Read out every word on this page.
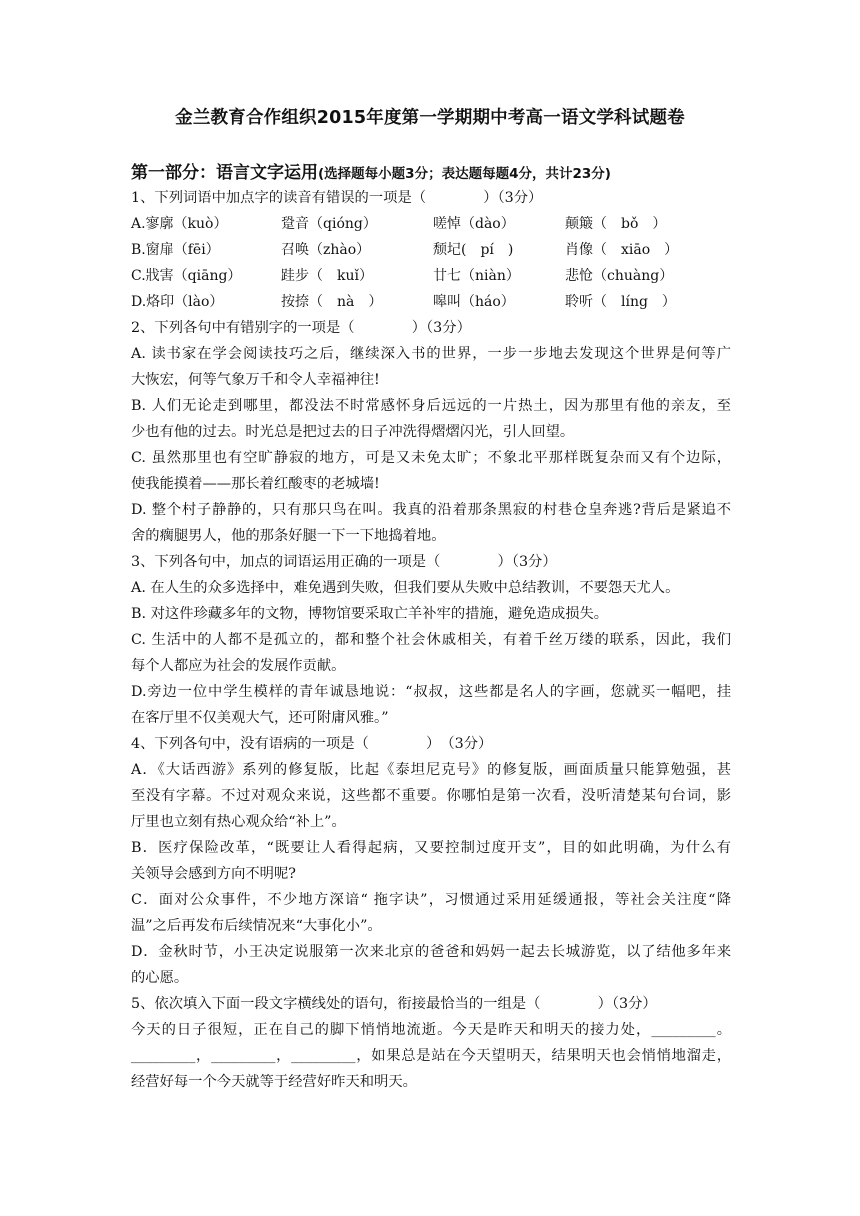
金兰教育合作组织2015年度第一学期期中考高一语文学科试题卷
第一部分：语言文字运用(选择题每小题3分；表达题每题4分，共计23分)
1、下列词语中加点字的读音有错误的一项是（　　　　）（3分）
A.寥廓（kuò）	跫音（qióng）	嗟悼（dào）	颠簸（　bǒ　）
B.窗扉（fēi）	召唤（zhào）	颓圮(　pí　)	肖像（　xiāo　）
C.戕害（qiāng）	跬步（　kuǐ）	廿七（niàn）	悲怆（chuàng）
D.烙印（lào）	按捺（　nà　）	嗥叫（háo）	聆听（　líng　）
2、下列各句中有错别字的一项是（　　　　）（3分）
A. 读书家在学会阅读技巧之后，继续深入书的世界，一步一步地去发现这个世界是何等广
大恢宏，何等气象万千和令人幸福神往!
B. 人们无论走到哪里，都没法不时常感怀身后远远的一片热土，因为那里有他的亲友，至
少也有他的过去。时光总是把过去的日子冲洗得熠熠闪光，引人回望。
C. 虽然那里也有空旷静寂的地方，可是又未免太旷；不象北平那样既复杂而又有个边际，
使我能摸着——那长着红酸枣的老城墙!
D. 整个村子静静的，只有那只鸟在叫。我真的沿着那条黑寂的村巷仓皇奔逃?背后是紧追不
舍的瘸腿男人，他的那条好腿一下一下地捣着地。
3、下列各句中，加点的词语运用正确的一项是（　　　　）（3分）
A. 在人生的众多选择中，难免遇到失败，但我们要从失败中总结教训，不要怨天尤人。
B. 对这件珍藏多年的文物，博物馆要采取亡羊补牢的措施，避免造成损失。
C. 生活中的人都不是孤立的，都和整个社会休戚相关，有着千丝万缕的联系，因此，我们
每个人都应为社会的发展作贡献。
D.旁边一位中学生模样的青年诚恳地说：“叔叔，这些都是名人的字画，您就买一幅吧，挂
在客厅里不仅美观大气，还可附庸风雅。”
4、下列各句中，没有语病的一项是（　　　　）　（3分）
A．《大话西游》系列的修复版，比起《泰坦尼克号》的修复版，画面质量只能算勉强，甚
至没有字幕。不过对观众来说，这些都不重要。你哪怕是第一次看，没听清楚某句台词，影
厅里也立刻有热心观众给“补上”。
B．医疗保险改革，“既要让人看得起病，又要控制过度开支”，目的如此明确，为什么有
关领导会感到方向不明呢?
C．面对公众事件，不少地方深谙“ 拖字诀”，习惯通过采用延缓通报，等社会关注度“降
温”之后再发布后续情况来“大事化小”。
D．金秋时节，小王决定说服第一次来北京的爸爸和妈妈一起去长城游览，以了结他多年来
的心愿。
5、依次填入下面一段文字横线处的语句，衔接最恰当的一组是（　　　　）（3分）
今天的日子很短，正在自己的脚下悄悄地流逝。今天是昨天和明天的接力处，_________。
_________，_________，_________，如果总是站在今天望明天，结果明天也会悄悄地溜走，
经营好每一个今天就等于经营好昨天和明天。
